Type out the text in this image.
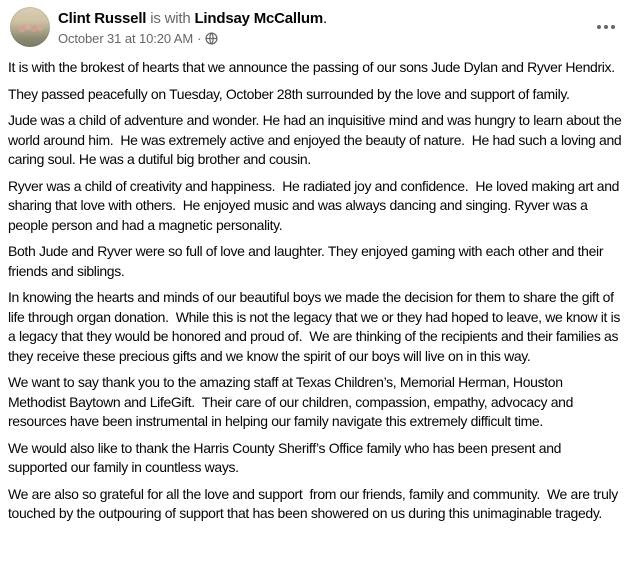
Clint Russell is with Lindsay McCallum.
October 31 at 10:20 AM ·

It is with the brokest of hearts that we announce the passing of our sons Jude Dylan and Ryver Hendrix.

They passed peacefully on Tuesday, October 28th surrounded by the love and support of family.

Jude was a child of adventure and wonder. He had an inquisitive mind and was hungry to learn about the world around him.  He was extremely active and enjoyed the beauty of nature.  He had such a loving and caring soul. He was a dutiful big brother and cousin.

Ryver was a child of creativity and happiness.  He radiated joy and confidence.  He loved making art and sharing that love with others.  He enjoyed music and was always dancing and singing. Ryver was a people person and had a magnetic personality.

Both Jude and Ryver were so full of love and laughter. They enjoyed gaming with each other and their friends and siblings.

In knowing the hearts and minds of our beautiful boys we made the decision for them to share the gift of life through organ donation.  While this is not the legacy that we or they had hoped to leave, we know it is a legacy that they would be honored and proud of.  We are thinking of the recipients and their families as they receive these precious gifts and we know the spirit of our boys will live on in this way.

We want to say thank you to the amazing staff at Texas Children’s, Memorial Herman, Houston Methodist Baytown and LifeGift.  Their care of our children, compassion, empathy, advocacy and resources have been instrumental in helping our family navigate this extremely difficult time.

We would also like to thank the Harris County Sheriff’s Office family who has been present and supported our family in countless ways.

We are also so grateful for all the love and support  from our friends, family and community.  We are truly touched by the outpouring of support that has been showered on us during this unimaginable tragedy.
